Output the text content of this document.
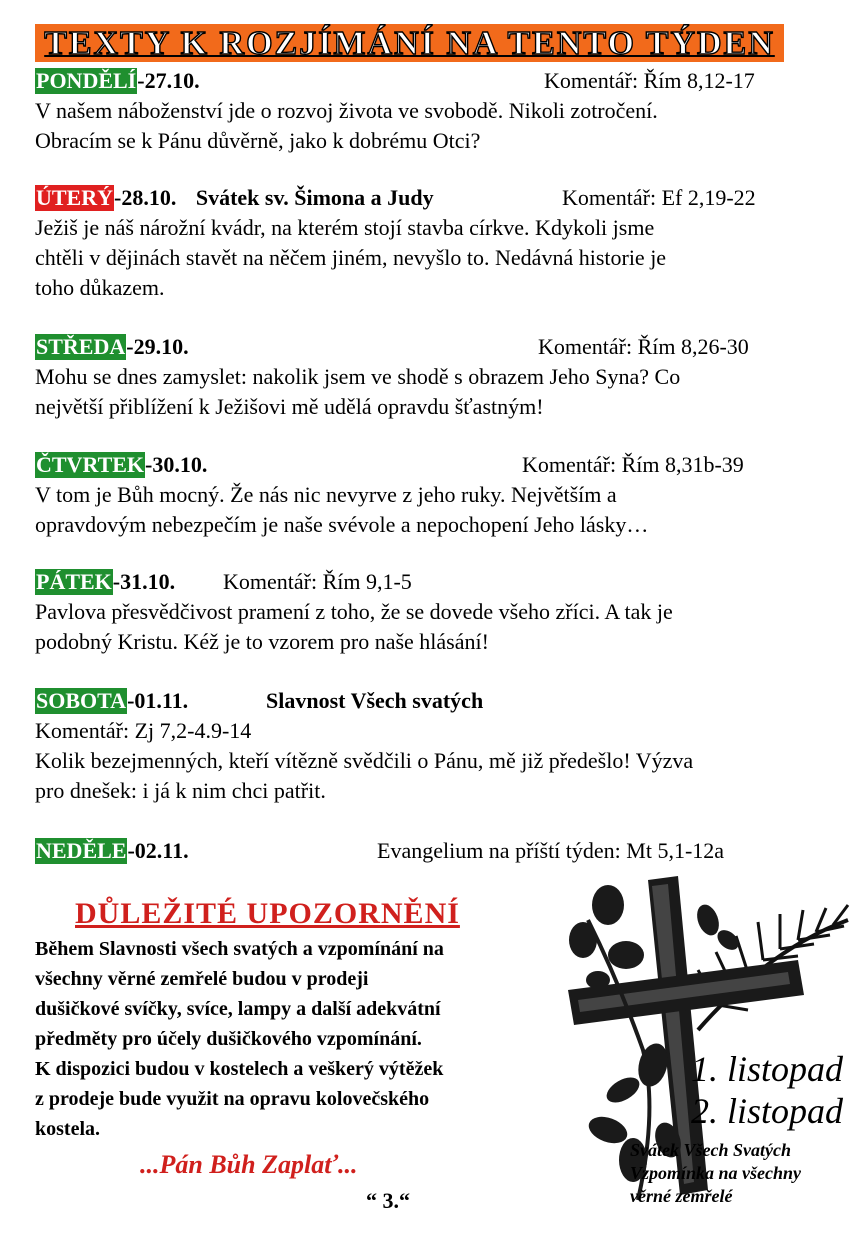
TEXTY K ROZJÍMÁNÍ NA TENTO TÝDEN
PONDĚLÍ-27.10.	Komentář: Řím 8,12-17
V našem náboženství jde o rozvoj života ve svobodě. Nikoli zotročení.
Obracím se k Pánu důvěrně, jako k dobrému Otci?
ÚTERÝ-28.10. Svátek sv. Šimona a Judy	Komentář: Ef 2,19-22
Ježiš je náš nárožní kvádr, na kterém stojí stavba církve. Kdykoli jsme
chtěli v dějinách stavět na něčem jiném, nevyšlo to. Nedávná historie je
toho důkazem.
STŘEDA-29.10.	Komentář: Řím 8,26-30
Mohu se dnes zamyslet: nakolik jsem ve shodě s obrazem Jeho Syna? Co
největší přiblížení k Ježišovi mě udělá opravdu šťastným!
ČTVRTEK-30.10.	Komentář: Řím 8,31b-39
V tom je Bůh mocný. Že nás nic nevyrve z jeho ruky. Největším a
opravdovým nebezpečím je naše svévole a nepochopení Jeho lásky…
PÁTEK-31.10. Komentář: Řím 9,1-5
Pavlova přesvědčivost pramení z toho, že se dovede všeho zříci. A tak je
podobný Kristu. Kéž je to vzorem pro naše hlásání!
SOBOTA-01.11.	Slavnost Všech svatých
Komentář: Zj 7,2-4.9-14
Kolik bezejmenných, kteří vítězně svědčili o Pánu, mě již předešlo! Výzva
pro dnešek: i já k nim chci patřit.
NEDĚLE-02.11.	Evangelium na příští týden: Mt 5,1-12a
DŮLEŽITÉ UPOZORNĚNÍ
Během Slavnosti všech svatých a vzpomínání na
všechny věrné zemřelé budou v prodeji
dušičkové svíčky, svíce, lampy a další adekvátní
předměty pro účely dušičkového vzpomínání.
K dispozici budou v kostelech a veškerý výtěžek
z prodeje bude využit na opravu kolovečského
kostela.
...Pán Bůh Zaplať...
“ 3.“
1. listopad
2. listopad
Svátek Všech Svatých
Vzpomínka na všechny
věrné zemřelé
